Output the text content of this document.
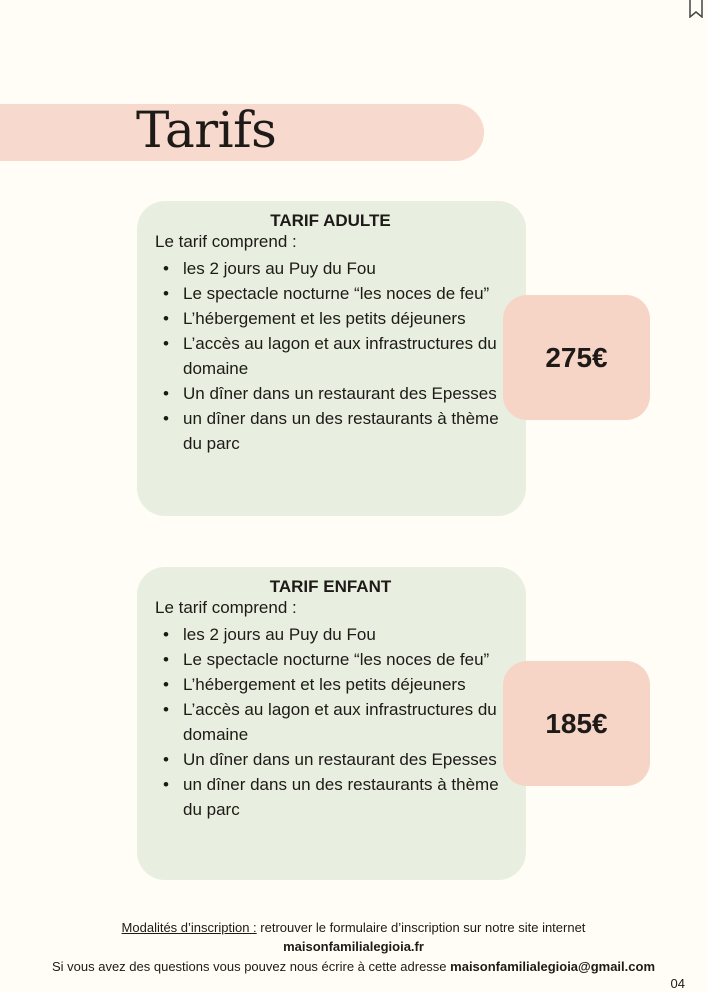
Tarifs

TARIF ADULTE

Le tarif comprend :

• les 2 jours au Puy du Fou
• Le spectacle nocturne “les noces de feu”
• L’hébergement et les petits déjeuners
• L’accès au lagon et aux infrastructures du domaine
• Un dîner dans un restaurant des Epesses
• un dîner dans un des restaurants à thème du parc
275€

TARIF ENFANT

Le tarif comprend :

• les 2 jours au Puy du Fou
• Le spectacle nocturne “les noces de feu”
• L’hébergement et les petits déjeuners
• L’accès au lagon et aux infrastructures du domaine
• Un dîner dans un restaurant des Epesses
• un dîner dans un des restaurants à thème du parc
185€

Modalités d’inscription : retrouver le formulaire d’inscription sur notre site internet

maisonfamilialegioia.fr

Si vous avez des questions vous pouvez nous écrire à cette adresse maisonfamilialegioia@gmail.com

04
